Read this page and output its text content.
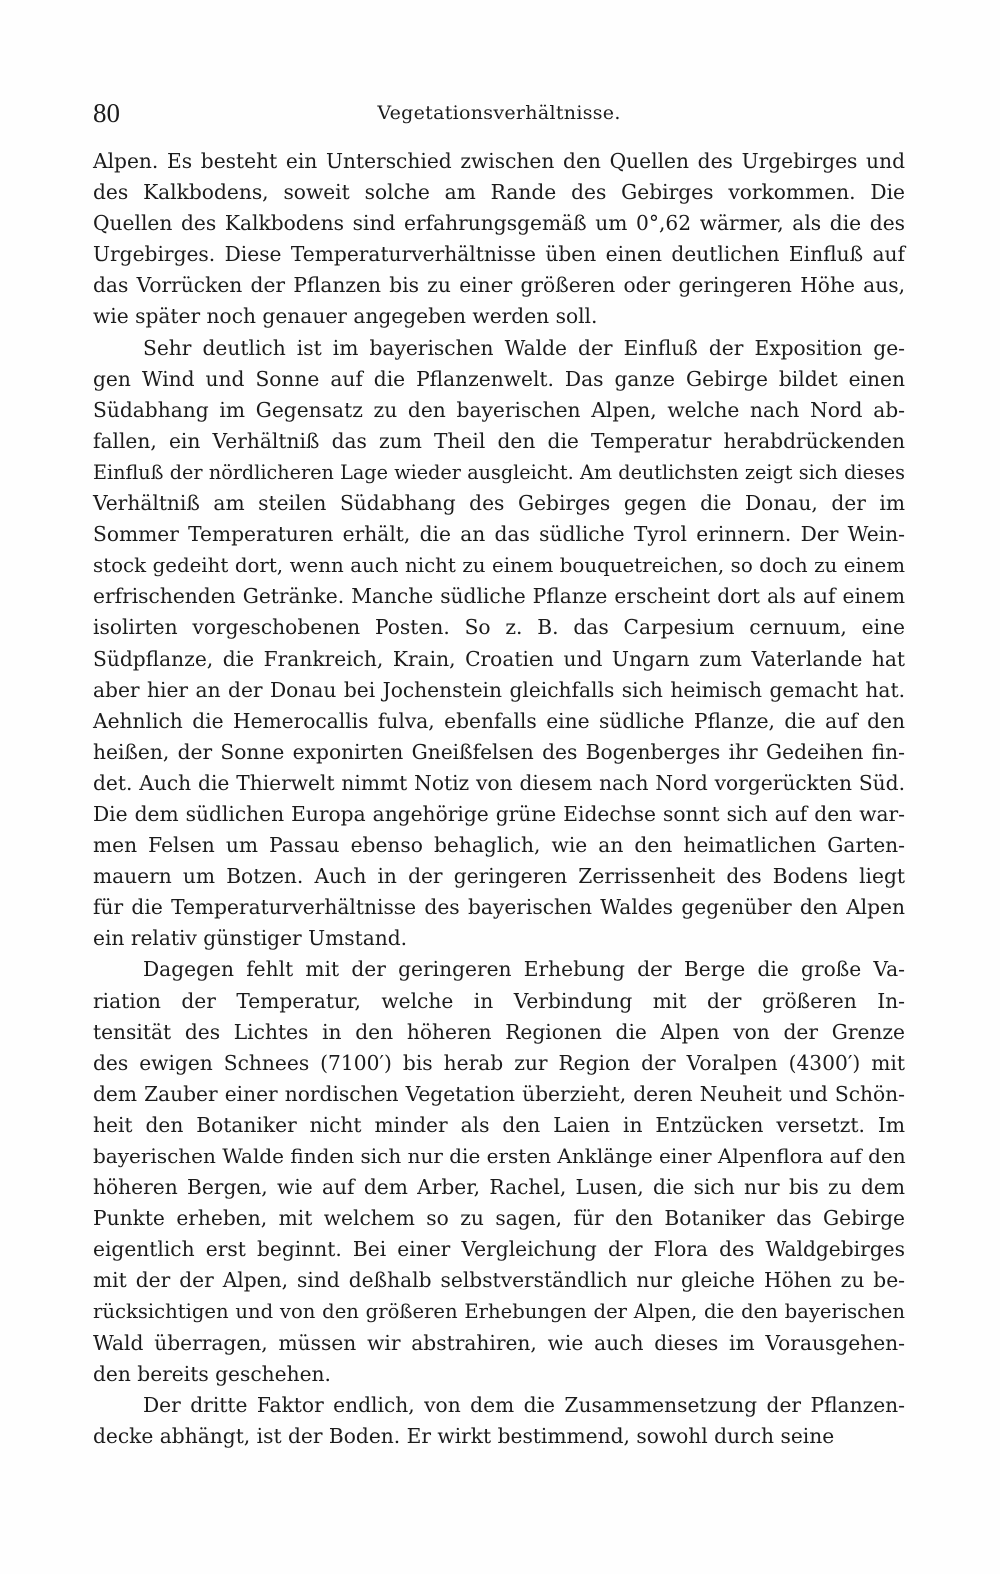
80	Vegetationsverhältnisse.
Alpen. Es besteht ein Unterschied zwischen den Quellen des Urgebirges und
des Kalkbodens, soweit solche am Rande des Gebirges vorkommen. Die
Quellen des Kalkbodens sind erfahrungsgemäß um 0°,62 wärmer, als die des
Urgebirges. Diese Temperaturverhältnisse üben einen deutlichen Einfluß auf
das Vorrücken der Pflanzen bis zu einer größeren oder geringeren Höhe aus,
wie später noch genauer angegeben werden soll.
Sehr deutlich ist im bayerischen Walde der Einfluß der Exposition ge-
gen Wind und Sonne auf die Pflanzenwelt. Das ganze Gebirge bildet einen
Südabhang im Gegensatz zu den bayerischen Alpen, welche nach Nord ab-
fallen, ein Verhältniß das zum Theil den die Temperatur herabdrückenden
Einfluß der nördlicheren Lage wieder ausgleicht. Am deutlichsten zeigt sich dieses
Verhältniß am steilen Südabhang des Gebirges gegen die Donau, der im
Sommer Temperaturen erhält, die an das südliche Tyrol erinnern. Der Wein-
stock gedeiht dort, wenn auch nicht zu einem bouquetreichen, so doch zu einem
erfrischenden Getränke. Manche südliche Pflanze erscheint dort als auf einem
isolirten vorgeschobenen Posten. So z. B. das Carpesium cernuum, eine
Südpflanze, die Frankreich, Krain, Croatien und Ungarn zum Vaterlande hat
aber hier an der Donau bei Jochenstein gleichfalls sich heimisch gemacht hat.
Aehnlich die Hemerocallis fulva, ebenfalls eine südliche Pflanze, die auf den
heißen, der Sonne exponirten Gneißfelsen des Bogenberges ihr Gedeihen fin-
det. Auch die Thierwelt nimmt Notiz von diesem nach Nord vorgerückten Süd.
Die dem südlichen Europa angehörige grüne Eidechse sonnt sich auf den war-
men Felsen um Passau ebenso behaglich, wie an den heimatlichen Garten-
mauern um Botzen. Auch in der geringeren Zerrissenheit des Bodens liegt
für die Temperaturverhältnisse des bayerischen Waldes gegenüber den Alpen
ein relativ günstiger Umstand.
Dagegen fehlt mit der geringeren Erhebung der Berge die große Va-
riation der Temperatur, welche in Verbindung mit der größeren In-
tensität des Lichtes in den höheren Regionen die Alpen von der Grenze
des ewigen Schnees (7100′) bis herab zur Region der Voralpen (4300′) mit
dem Zauber einer nordischen Vegetation überzieht, deren Neuheit und Schön-
heit den Botaniker nicht minder als den Laien in Entzücken versetzt. Im
bayerischen Walde finden sich nur die ersten Anklänge einer Alpenflora auf den
höheren Bergen, wie auf dem Arber, Rachel, Lusen, die sich nur bis zu dem
Punkte erheben, mit welchem so zu sagen, für den Botaniker das Gebirge
eigentlich erst beginnt. Bei einer Vergleichung der Flora des Waldgebirges
mit der der Alpen, sind deßhalb selbstverständlich nur gleiche Höhen zu be-
rücksichtigen und von den größeren Erhebungen der Alpen, die den bayerischen
Wald überragen, müssen wir abstrahiren, wie auch dieses im Vorausgehen-
den bereits geschehen.
Der dritte Faktor endlich, von dem die Zusammensetzung der Pflanzen-
decke abhängt, ist der Boden. Er wirkt bestimmend, sowohl durch seine
